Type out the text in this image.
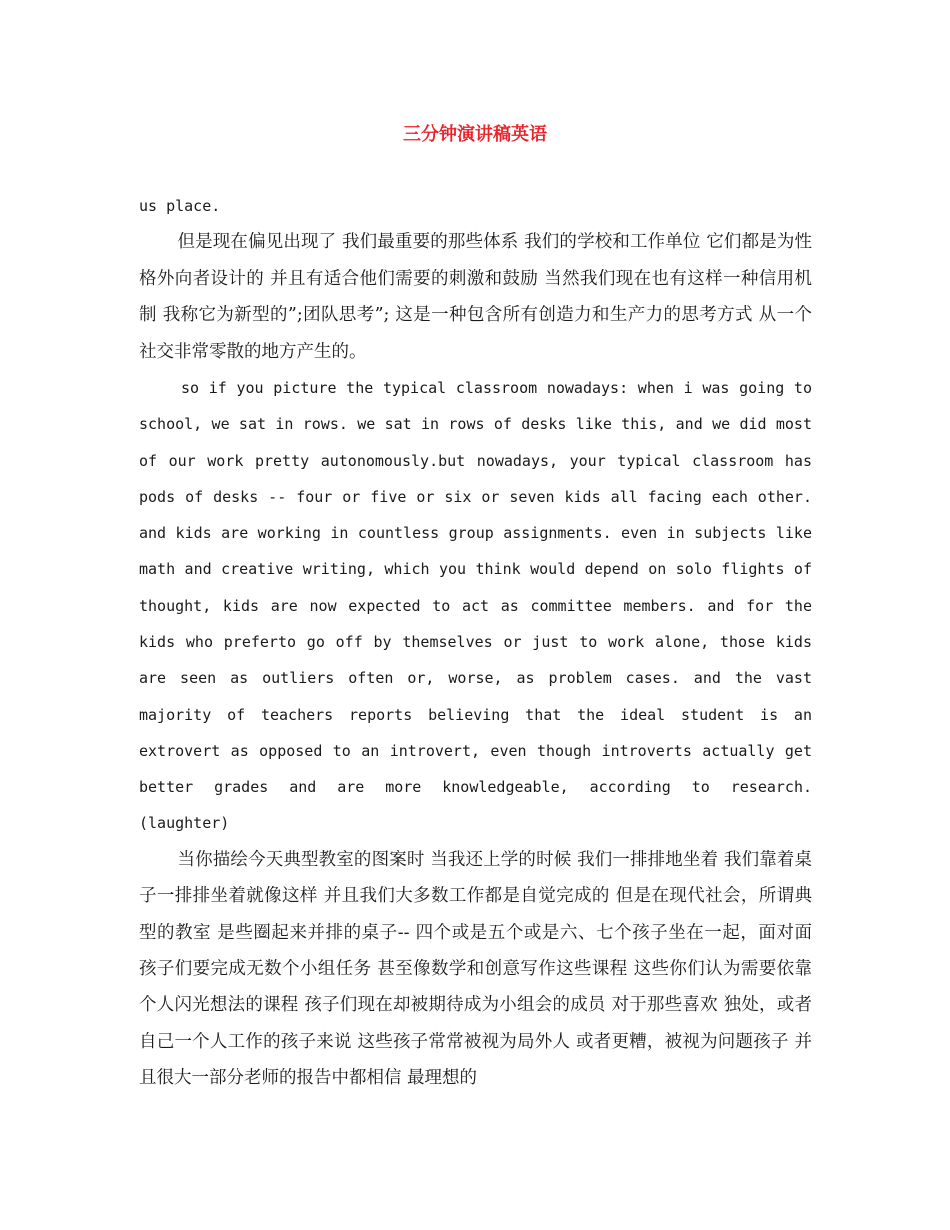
三分钟演讲稿英语

us place.

但是现在偏见出现了 我们最重要的那些体系 我们的学校和工作单位 它们都是为性格外向者设计的 并且有适合他们需要的刺激和鼓励 当然我们现在也有这样一种信用机制 我称它为新型的”;团队思考”; 这是一种包含所有创造力和生产力的思考方式 从一个社交非常零散的地方产生的。

so if you picture the typical classroom nowadays: when i was going to school, we sat in rows. we sat in rows of desks like this, and we did most of our work pretty autonomously.but nowadays, your typical classroom has pods of desks -- four or five or six or seven kids all facing each other. and kids are working in countless group assignments. even in subjects like math and creative writing, which you think would depend on solo flights of thought, kids are now expected to act as committee members. and for the kids who preferto go off by themselves or just to work alone, those kids are seen as outliers often or, worse, as problem cases. and the vast majority of teachers reports believing that the ideal student is an extrovert as opposed to an introvert, even though introverts actually get better grades and are more knowledgeable, according to research. (laughter)

当你描绘今天典型教室的图案时 当我还上学的时候 我们一排排地坐着 我们靠着桌子一排排坐着就像这样 并且我们大多数工作都是自觉完成的 但是在现代社会，所谓典型的教室 是些圈起来并排的桌子-- 四个或是五个或是六、七个孩子坐在一起，面对面 孩子们要完成无数个小组任务 甚至像数学和创意写作这些课程 这些你们认为需要依靠个人闪光想法的课程 孩子们现在却被期待成为小组会的成员 对于那些喜欢 独处，或者自己一个人工作的孩子来说 这些孩子常常被视为局外人 或者更糟，被视为问题孩子 并且很大一部分老师的报告中都相信 最理想的
